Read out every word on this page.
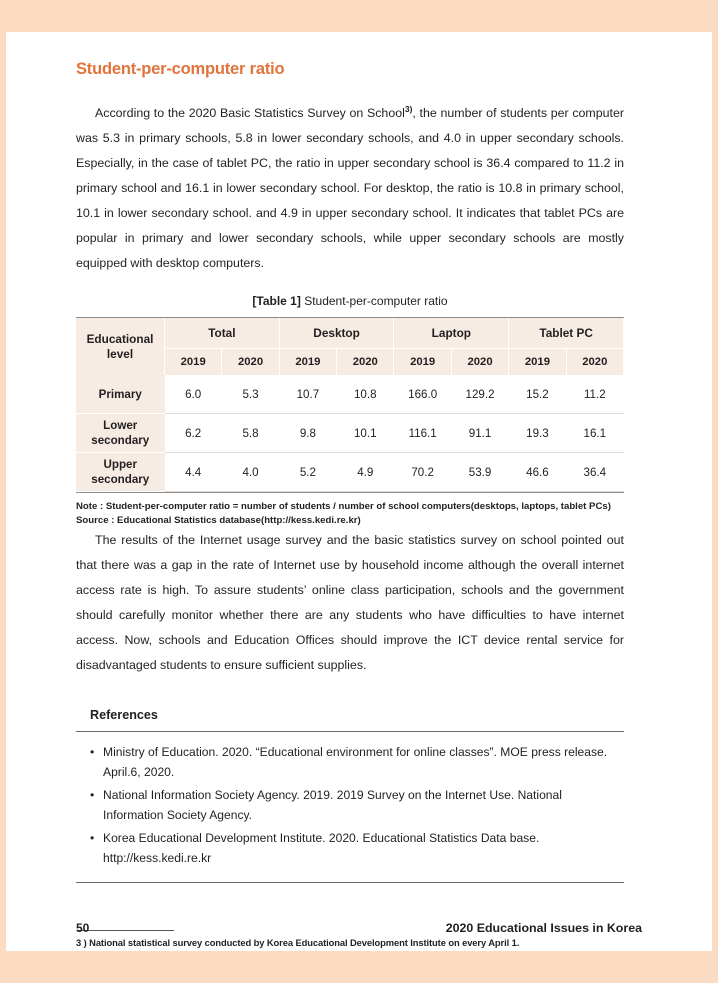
Student-per-computer ratio

According to the 2020 Basic Statistics Survey on School$^{3)}$, the number of students per computer was 5.3 in primary schools, 5.8 in lower secondary schools, and 4.0 in upper secondary schools. Especially, in the case of tablet PC, the ratio in upper secondary school is 36.4 compared to 11.2 in primary school and 16.1 in lower secondary school. For desktop, the ratio is 10.8 in primary school, 10.1 in lower secondary school. and 4.9 in upper secondary school. It indicates that tablet PCs are popular in primary and lower secondary schools, while upper secondary schools are mostly equipped with desktop computers.

[Table 1] Student-per-computer ratio
Educational level	Total		Desktop		Laptop		Tablet PC	
	2019	2020	2019	2020	2019	2020	2019	2020
Primary	6.0	5.3	10.7	10.8	166.0	129.2	15.2	11.2
Lower secondary	6.2	5.8	9.8	10.1	116.1	91.1	19.3	16.1
Upper secondary	4.4	4.0	5.2	4.9	70.2	53.9	46.6	36.4

Note : Student-per-computer ratio = number of students / number of school computers(desktops, laptops, tablet PCs)

Source : Educational Statistics database(http://kess.kedi.re.kr)

The results of the Internet usage survey and the basic statistics survey on school pointed out that there was a gap in the rate of Internet use by household income although the overall internet access rate is high. To assure students’ online class participation, schools and the government should carefully monitor whether there are any students who have difficulties to have internet access. Now, schools and Education Offices should improve the ICT device rental service for disadvantaged students to ensure sufficient supplies.

References
• Ministry of Education. 2020. “Educational environment for online classes”. MOE press release. April.6, 2020.
• National Information Society Agency. 2019. 2019 Survey on the Internet Use. National Information Society Agency.
• Korea Educational Development Institute. 2020. Educational Statistics Data base. http://kess.kedi.re.kr

3 ) National statistical survey conducted by Korea Educational Development Institute on every April 1.

50	2020 Educational Issues in Korea
